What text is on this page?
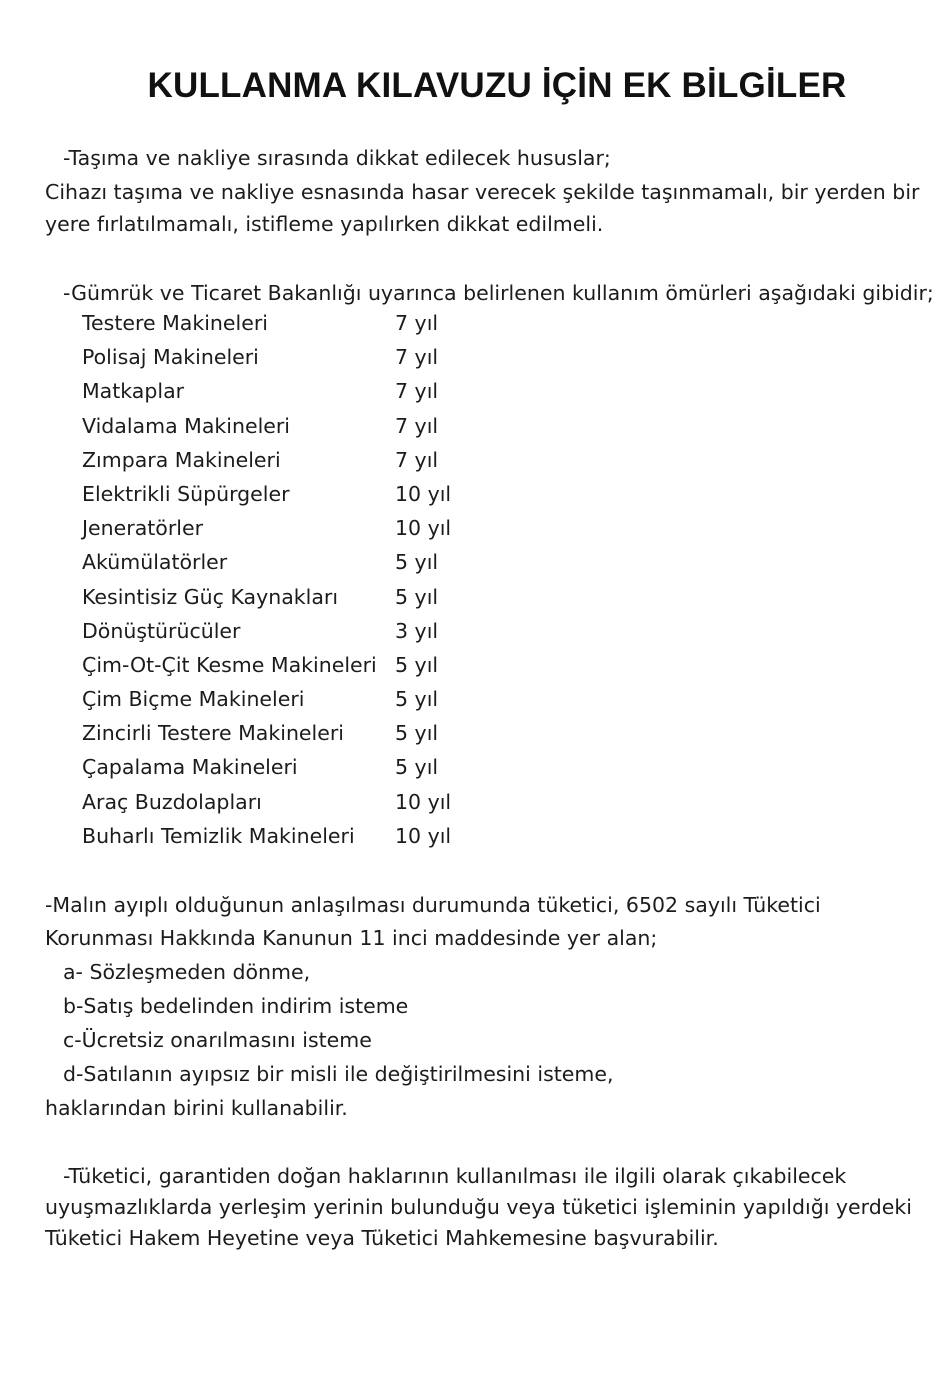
KULLANMA KILAVUZU İÇİN EK BİLGİLER
-Taşıma ve nakliye sırasında dikkat edilecek hususlar;
Cihazı taşıma ve nakliye esnasında hasar verecek şekilde taşınmamalı, bir yerden bir
yere fırlatılmamalı, istifleme yapılırken dikkat edilmeli.
-Gümrük ve Ticaret Bakanlığı uyarınca belirlenen kullanım ömürleri aşağıdaki gibidir;
Testere Makineleri	7 yıl
Polisaj Makineleri	7 yıl
Matkaplar	7 yıl
Vidalama Makineleri	7 yıl
Zımpara Makineleri	7 yıl
Elektrikli Süpürgeler	10 yıl
Jeneratörler	10 yıl
Akümülatörler	5 yıl
Kesintisiz Güç Kaynakları	5 yıl
Dönüştürücüler	3 yıl
Çim-Ot-Çit Kesme Makineleri 5 yıl
Çim Biçme Makineleri	5 yıl
Zincirli Testere Makineleri 5 yıl
Çapalama Makineleri	5 yıl
Araç Buzdolapları	10 yıl
Buharlı Temizlik Makineleri 10 yıl
-Malın ayıplı olduğunun anlaşılması durumunda tüketici, 6502 sayılı Tüketici
Korunması Hakkında Kanunun 11 inci maddesinde yer alan;
a- Sözleşmeden dönme,
b-Satış bedelinden indirim isteme
c-Ücretsiz onarılmasını isteme
d-Satılanın ayıpsız bir misli ile değiştirilmesini isteme,
haklarından birini kullanabilir.
-Tüketici, garantiden doğan haklarının kullanılması ile ilgili olarak çıkabilecek
uyuşmazlıklarda yerleşim yerinin bulunduğu veya tüketici işleminin yapıldığı yerdeki
Tüketici Hakem Heyetine veya Tüketici Mahkemesine başvurabilir.
